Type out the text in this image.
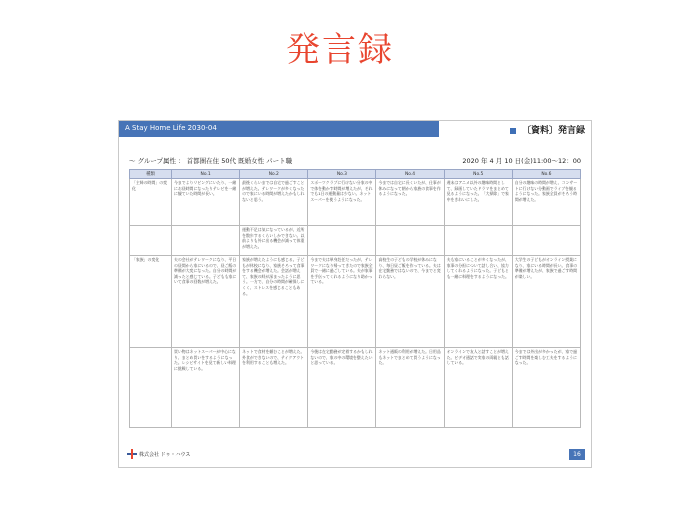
発言録
A Stay Home Life 2030-04	〔資料〕発言録
〜 グループ属性 ： 首都圏在住 50代 既婚女性 パート職	2020 年 4 月 10 日(金)11:00〜12：00
種類	No.1	No.2	No.3	No.4	No.5	No.6
「主婦の時間」の変化	今までよりリビングにいたり、一緒にお昼時間になったりテレビを一緒に観ていた時間が長い。	最後くらいまでは自宅で過ごすことが増えた。テレワークが多くなったので家にいる時間が増えたかもしれないと思う。	スポーツクラブに行けない分家の中で体を動かす時間が増えたが、それでも1日の運動量は少ない。ネットスーパーを使うようになった。	今までは自宅に長くいたが、仕事が休みになって朝から家族の食事を作るようになった。	週末はアニメ以外の趣味時間として、録画していたドラマをまとめて見るようになった。「大掃除」で家中をきれいにした。	自分の趣味の時間が増え、コンサートに行けない分動画でライブを観るようになった。家族全員がそろう時間が増えた。
		運動不足は気になっているが、近所を散歩するくらいしかできない。以前よりも外に出る機会が減って体重が増えた。				
「家族」の変化	夫の会社がテレワークになり、平日の昼間から家にいるので、昼ご飯の準備が大変になった。自分の時間が減ったと感じている。子どもも家にいて食事の回数が増えた。	家族が増えたようにも感じる。子どもが休校になり、家族そろって食事をする機会が増えた。会話が増えて、家族の絆が深まったように思う。一方で、自分の時間が確保しにくく、ストレスを感じることもある。	今まで夫は単身赴任だったが、テレワークになり帰ってきたので家族全員で一緒に過ごしている。夫が家事を手伝ってくれるようになり助かっている。	高校生の子どもの学校が休みになり、毎日昼ご飯を作っている。夫は在宅勤務ではないので、今までと変わらない。	夫も家にいることが多くなったが、家事の分担について話し合い、協力してくれるようになった。子どもとも一緒に料理をするようになった。	大学生の子どもがオンライン授業になり、家にいる時間が長い。食事の準備が増えたが、家族で過ごす時間が楽しい。
	買い物はネットスーパーが中心になり、まとめ買いをするようになった。レシピサイトを見て新しい料理に挑戦している。	ネットで食材を頼むことが増えた。外食ができないので、テイクアウトを利用することも増えた。	今後は在宅勤務が定着するかもしれないので、家の中の環境を整えたいと思っている。	ネット通販の利用が増えた。日用品もネットでまとめて買うようになった。	オンラインで友人と話すことが増えた。ビデオ通話で実家の両親とも話している。	今までは外出が多かったが、家で過ごす時間を楽しむ工夫をするようになった。
株式会社 ドゥ・ハウス	16
